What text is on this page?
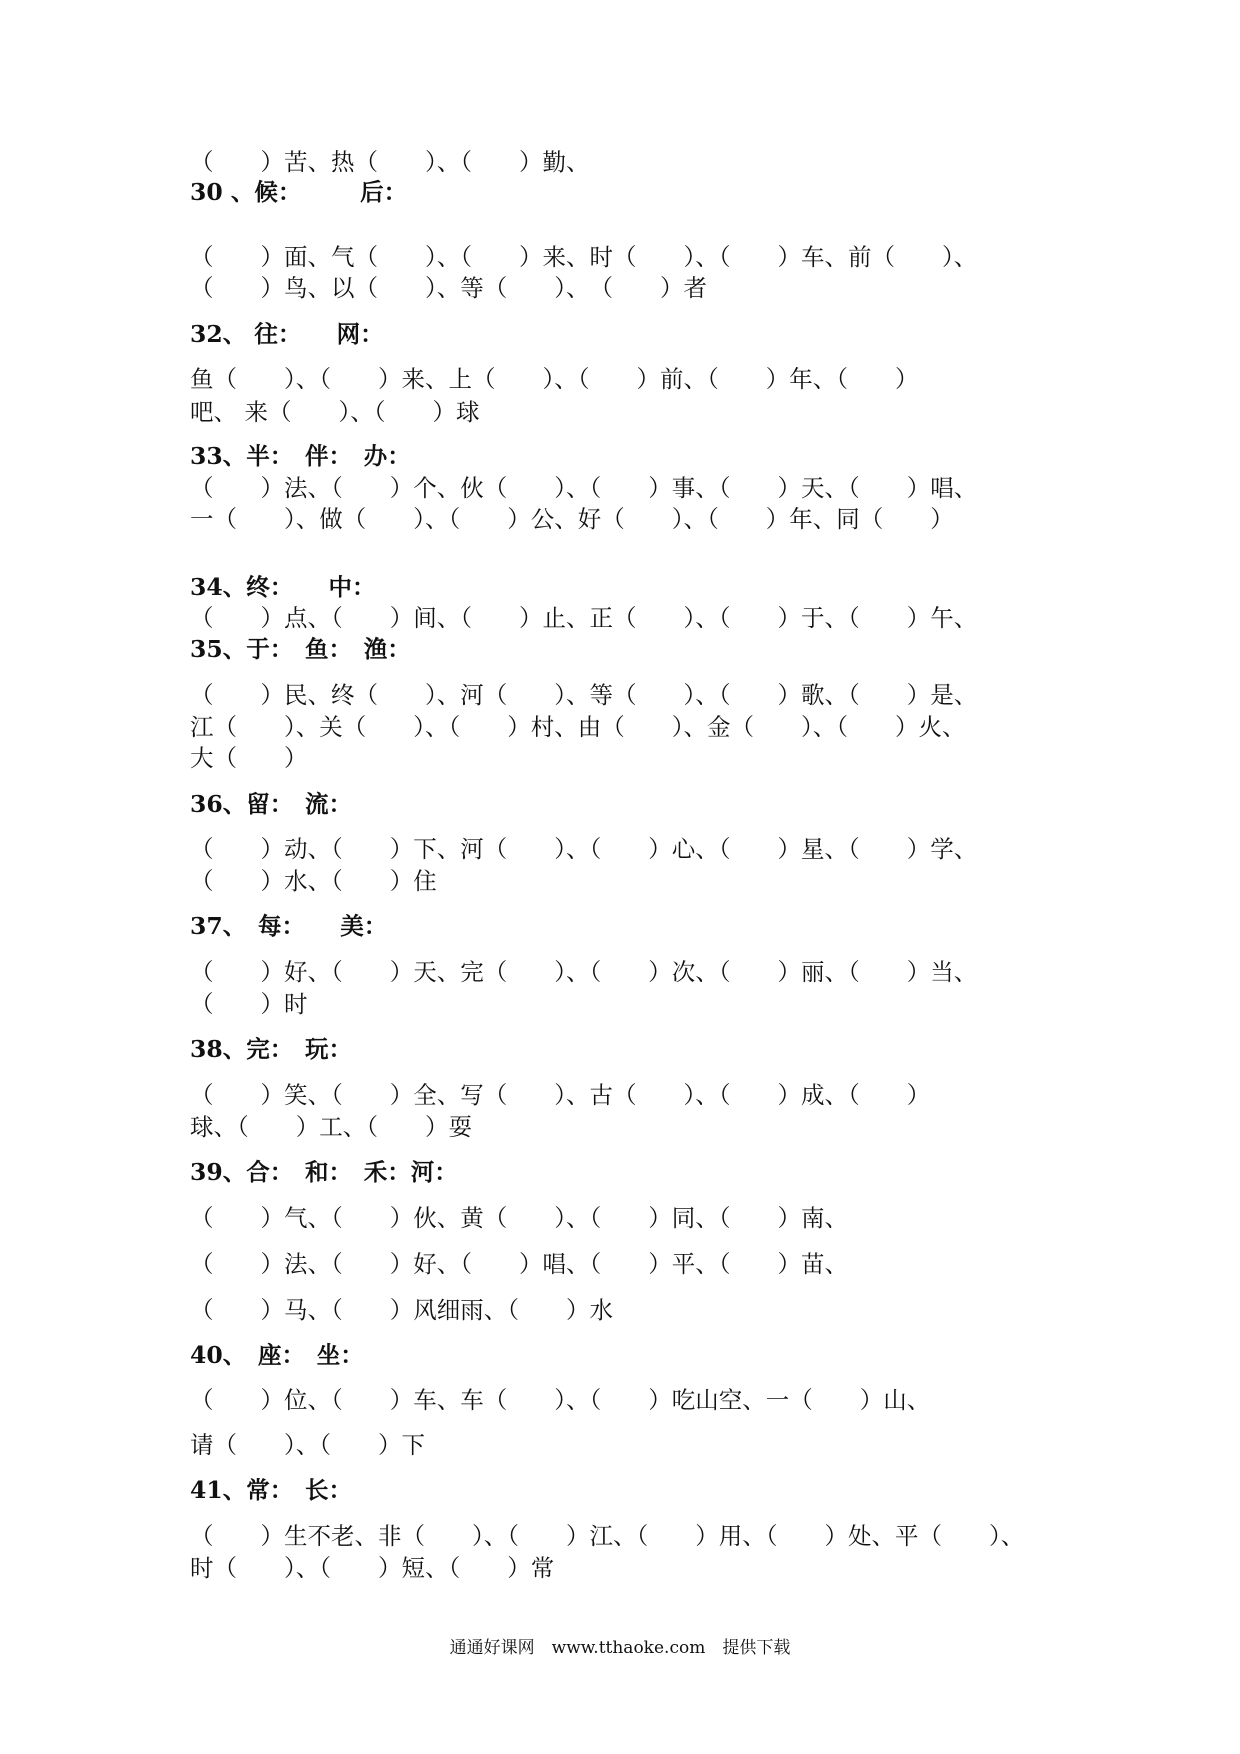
（　　）苦、热（　　）、（　　）勤、
30 、候：　　　后：
（　　）面、气（　　）、（　　）来、时（　　）、（　　）车、前（　　）、
（　　）鸟、以（　　）、等（　　）、　（　　）者
32、 往：　　网：
鱼（　　）、（　　）来、上（　　）、（　　）前、（　　）年、（　　）
吧、 来（　　）、（　　）球
33、半：　伴：　办：
（　　）法、（　　）个、伙（　　）、（　　）事、（　　）天、（　　）唱、
一（　　）、做（　　）、（　　）公、好（　　）、（　　）年、同（　　）
34、终：　　中：
（　　）点、（　　）间、（　　）止、正（　　）、（　　）于、（　　）午、
35、于：　鱼：　渔：
（　　）民、终（　　）、河（　　）、等（　　）、（　　）歌、（　　）是、
江（　　）、关（　　）、（　　）村、由（　　）、金（　　）、（　　）火、
大（　　）
36、留：　流：
（　　）动、（　　）下、河（　　）、（　　）心、（　　）星、（　　）学、
（　　）水、（　　）住
37、　每：　　美：
（　　）好、（　　）天、完（　　）、（　　）次、（　　）丽、（　　）当、
（　　）时
38、完：　玩：
（　　）笑、（　　）全、写（　　）、古（　　）、（　　）成、（　　）
球、（　　）工、（　　）耍
39、合：　和：　禾：河：
（　　）气、（　　）伙、黄（　　）、（　　）同、（　　）南、
（　　）法、（　　）好、（　　）唱、（　　）平、（　　）苗、
（　　）马、（　　）风细雨、（　　）水
40、　座：　坐：
（　　）位、（　　）车、车（　　）、（　　）吃山空、一（　　）山、
请（　　）、（　　）下
41、常：　长：
（　　）生不老、非（　　）、（　　）江、（　　）用、（　　）处、平（　　）、
时（　　）、（　　）短、（　　）常
通通好课网　www.tthaoke.com　提供下载
